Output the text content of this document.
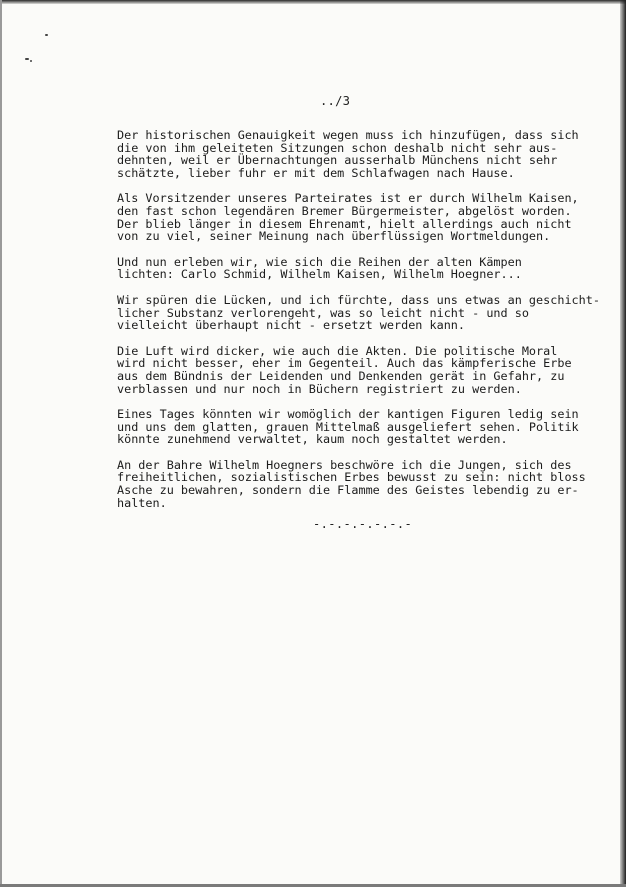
../3

Der historischen Genauigkeit wegen muss ich hinzufügen, dass sich
die von ihm geleiteten Sitzungen schon deshalb nicht sehr aus-
dehnten, weil er Übernachtungen ausserhalb Münchens nicht sehr
schätzte, lieber fuhr er mit dem Schlafwagen nach Hause.

Als Vorsitzender unseres Parteirates ist er durch Wilhelm Kaisen,
den fast schon legendären Bremer Bürgermeister, abgelöst worden.
Der blieb länger in diesem Ehrenamt, hielt allerdings auch nicht
von zu viel, seiner Meinung nach überflüssigen Wortmeldungen.

Und nun erleben wir, wie sich die Reihen der alten Kämpen
lichten: Carlo Schmid, Wilhelm Kaisen, Wilhelm Hoegner...

Wir spüren die Lücken, und ich fürchte, dass uns etwas an geschicht-
licher Substanz verlorengeht, was so leicht nicht - und so
vielleicht überhaupt nicht - ersetzt werden kann.

Die Luft wird dicker, wie auch die Akten. Die politische Moral
wird nicht besser, eher im Gegenteil. Auch das kämpferische Erbe
aus dem Bündnis der Leidenden und Denkenden gerät in Gefahr, zu
verblassen und nur noch in Büchern registriert zu werden.

Eines Tages könnten wir womöglich der kantigen Figuren ledig sein
und uns dem glatten, grauen Mittelmaß ausgeliefert sehen. Politik
könnte zunehmend verwaltet, kaum noch gestaltet werden.

An der Bahre Wilhelm Hoegners beschwöre ich die Jungen, sich des
freiheitlichen, sozialistischen Erbes bewusst zu sein: nicht bloss
Asche zu bewahren, sondern die Flamme des Geistes lebendig zu er-
halten.

-.-.-.-.-.-.-
